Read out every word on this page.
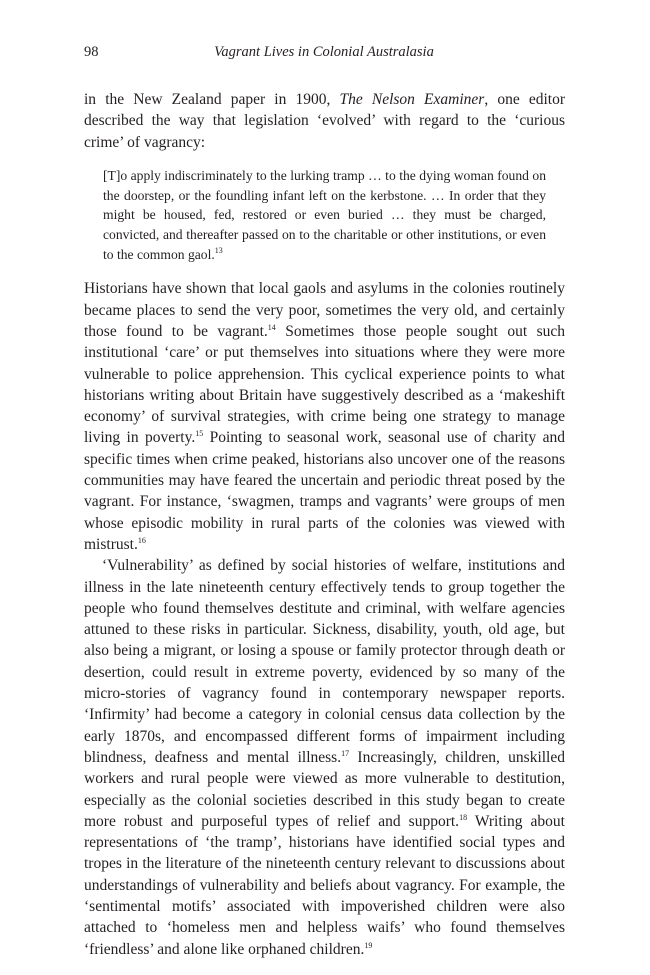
98	Vagrant Lives in Colonial Australasia

in the New Zealand paper in 1900, The Nelson Examiner, one editor described the way that legislation ‘evolved’ with regard to the ‘curious crime’ of vagrancy:

[T]o apply indiscriminately to the lurking tramp … to the dying woman found on the doorstep, or the foundling infant left on the kerbstone. … In order that they might be housed, fed, restored or even buried … they must be charged, convicted, and thereafter passed on to the charitable or other institutions, or even to the common gaol.$^{13}$

Historians have shown that local gaols and asylums in the colonies routinely became places to send the very poor, sometimes the very old, and certainly those found to be vagrant.$^{14}$ Sometimes those people sought out such institutional ‘care’ or put themselves into situations where they were more vulnerable to police apprehension. This cyclical experience points to what historians writing about Britain have suggestively described as a ‘makeshift economy’ of survival strategies, with crime being one strategy to manage living in poverty.$^{15}$ Pointing to seasonal work, seasonal use of charity and specific times when crime peaked, historians also uncover one of the reasons communities may have feared the uncertain and periodic threat posed by the vagrant. For instance, ‘swagmen, tramps and vagrants’ were groups of men whose episodic mobility in rural parts of the colonies was viewed with mistrust.$^{16}$

‘Vulnerability’ as defined by social histories of welfare, institutions and illness in the late nineteenth century effectively tends to group together the people who found themselves destitute and criminal, with welfare agencies attuned to these risks in particular. Sickness, disability, youth, old age, but also being a migrant, or losing a spouse or family protector through death or desertion, could result in extreme poverty, evidenced by so many of the micro-stories of vagrancy found in contemporary newspaper reports. ‘Infirmity’ had become a category in colonial census data collection by the early 1870s, and encompassed different forms of impairment including blindness, deafness and mental illness.$^{17}$ Increasingly, children, unskilled workers and rural people were viewed as more vulnerable to destitution, especially as the colonial societies described in this study began to create more robust and purposeful types of relief and support.$^{18}$ Writing about representations of ‘the tramp’, historians have identified social types and tropes in the literature of the nineteenth century relevant to discussions about understandings of vulnerability and beliefs about vagrancy. For example, the ‘sentimental motifs’ associated with impoverished children were also attached to ‘homeless men and helpless waifs’ who found themselves ‘friendless’ and alone like orphaned children.$^{19}$
